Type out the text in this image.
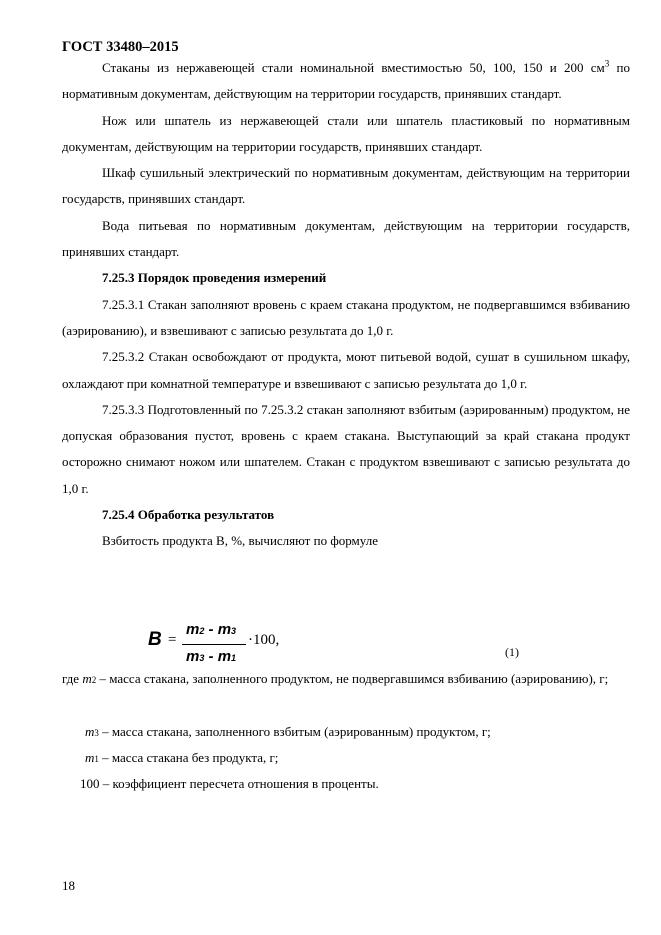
ГОСТ 33480–2015

Стаканы из нержавеющей стали номинальной вместимостью 50, 100, 150 и 200 $см^3$ по нормативным документам, действующим на территории государств, принявших стандарт.

Нож или шпатель из нержавеющей стали или шпатель пластиковый по нормативным документам, действующим на территории государств, принявших стандарт.

Шкаф сушильный электрический по нормативным документам, действующим на территории государств, принявших стандарт.

Вода питьевая по нормативным документам, действующим на территории государств, принявших стандарт.

7.25.3 Порядок проведения измерений

7.25.3.1 Стакан заполняют вровень с краем стакана продуктом, не подвергавшимся взбиванию (аэрированию), и взвешивают с записью результата до 1,0 г.

7.25.3.2 Стакан освобождают от продукта, моют питьевой водой, сушат в сушильном шкафу, охлаждают при комнатной температуре и взвешивают с записью результата до 1,0 г.

7.25.3.3 Подготовленный по 7.25.3.2 стакан заполняют взбитым (аэрированным) продуктом, не допуская образования пустот, вровень с краем стакана. Выступающий за край стакана продукт осторожно снимают ножом или шпателем. Стакан с продуктом взвешивают с записью результата до 1,0 г.

7.25.4 Обработка результатов

Взбитость продукта В, %, вычисляют по формуле

B =
m2 - m3
m3 - m1
·100,
(1)
где m2 – масса стакана, заполненного продуктом, не подвергавшимся взбиванию (аэрированию), г;
m3 – масса стакана, заполненного взбитым (аэрированным) продуктом, г;
m1 – масса стакана без продукта, г;
100 – коэффициент пересчета отношения в проценты.
18
